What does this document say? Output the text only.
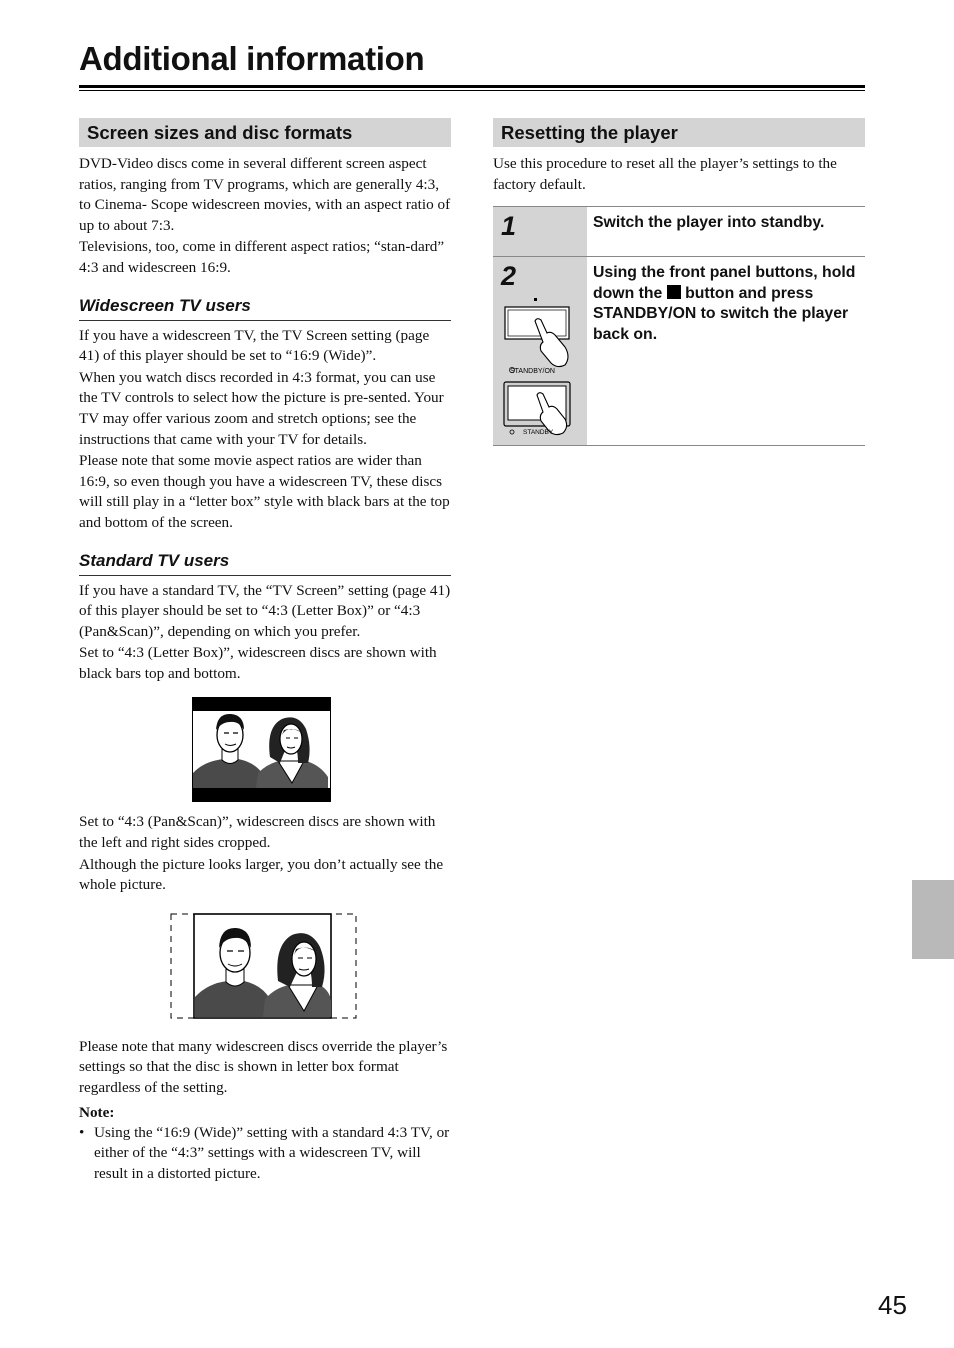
Additional information
Screen sizes and disc formats

DVD-Video discs come in several different screen aspect ratios, ranging from TV programs, which are generally 4:3, to Cinema- Scope widescreen movies, with an aspect ratio of up to about 7:3.

Televisions, too, come in different aspect ratios; “stan-dard” 4:3 and widescreen 16:9.

Widescreen TV users

If you have a widescreen TV, the TV Screen setting (page 41) of this player should be set to “16:9 (Wide)”.

When you watch discs recorded in 4:3 format, you can use the TV controls to select how the picture is pre-sented. Your TV may offer various zoom and stretch options; see the instructions that came with your TV for details.

Please note that some movie aspect ratios are wider than 16:9, so even though you have a widescreen TV, these discs will still play in a “letter box” style with black bars at the top and bottom of the screen.

Standard TV users

If you have a standard TV, the “TV Screen” setting (page 41) of this player should be set to “4:3 (Letter Box)” or “4:3 (Pan&Scan)”, depending on which you prefer.

Set to “4:3 (Letter Box)”, widescreen discs are shown with black bars top and bottom.

Set to “4:3 (Pan&Scan)”, widescreen discs are shown with the left and right sides cropped.

Although the picture looks larger, you don’t actually see the whole picture.

Please note that many widescreen discs override the player’s settings so that the disc is shown in letter box format regardless of the setting.

Note:

• Using the “16:9 (Wide)” setting with a standard 4:3 TV, or either of the “4:3” settings with a widescreen TV, will result in a distorted picture.
Resetting the player

Use this procedure to reset all the player’s settings to the factory default.

1	Switch the player into standby.
2
STANDBY/ON
STANDBY
Using the front panel buttons, hold down the button and press STANDBY/ON to switch the player back on.
45
